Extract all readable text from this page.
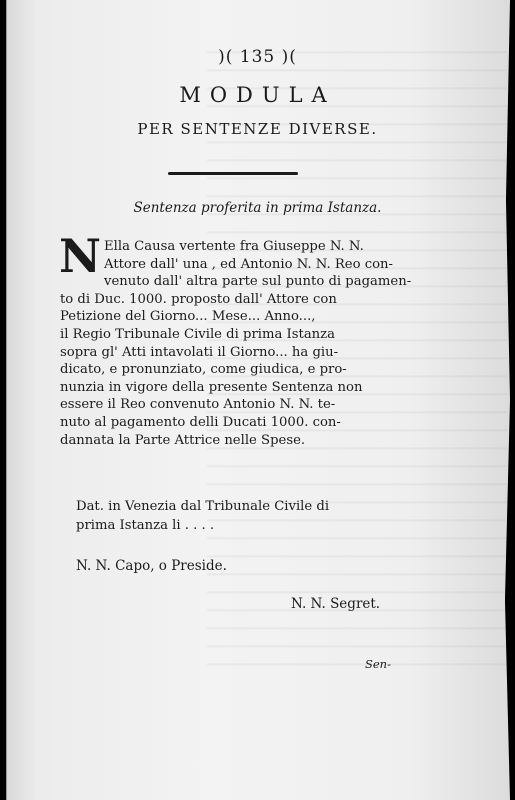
)( 135 )(
MODULA
PER SENTENZE DIVERSE.
Sentenza proferita in prima Istanza.
N Ella Causa vertente fra Giuseppe N. N.
Attore dall' una , ed Antonio N. N. Reo con-
venuto dall' altra parte sul punto di pagamen-
to di Duc. 1000. proposto dall' Attore con
Petizione del Giorno... Mese... Anno...,
il Regio Tribunale Civile di prima Istanza
sopra gl' Atti intavolati il Giorno... ha giu-
dicato, e pronunziato, come giudica, e pro-
nunzia in vigore della presente Sentenza non
essere il Reo convenuto Antonio N. N. te-
nuto al pagamento delli Ducati 1000. con-
dannata la Parte Attrice nelle Spese.
Dat. in Venezia dal Tribunale Civile di
prima Istanza li . . . .
N. N. Capo, o Preside.
N. N. Segret.
Sen-
